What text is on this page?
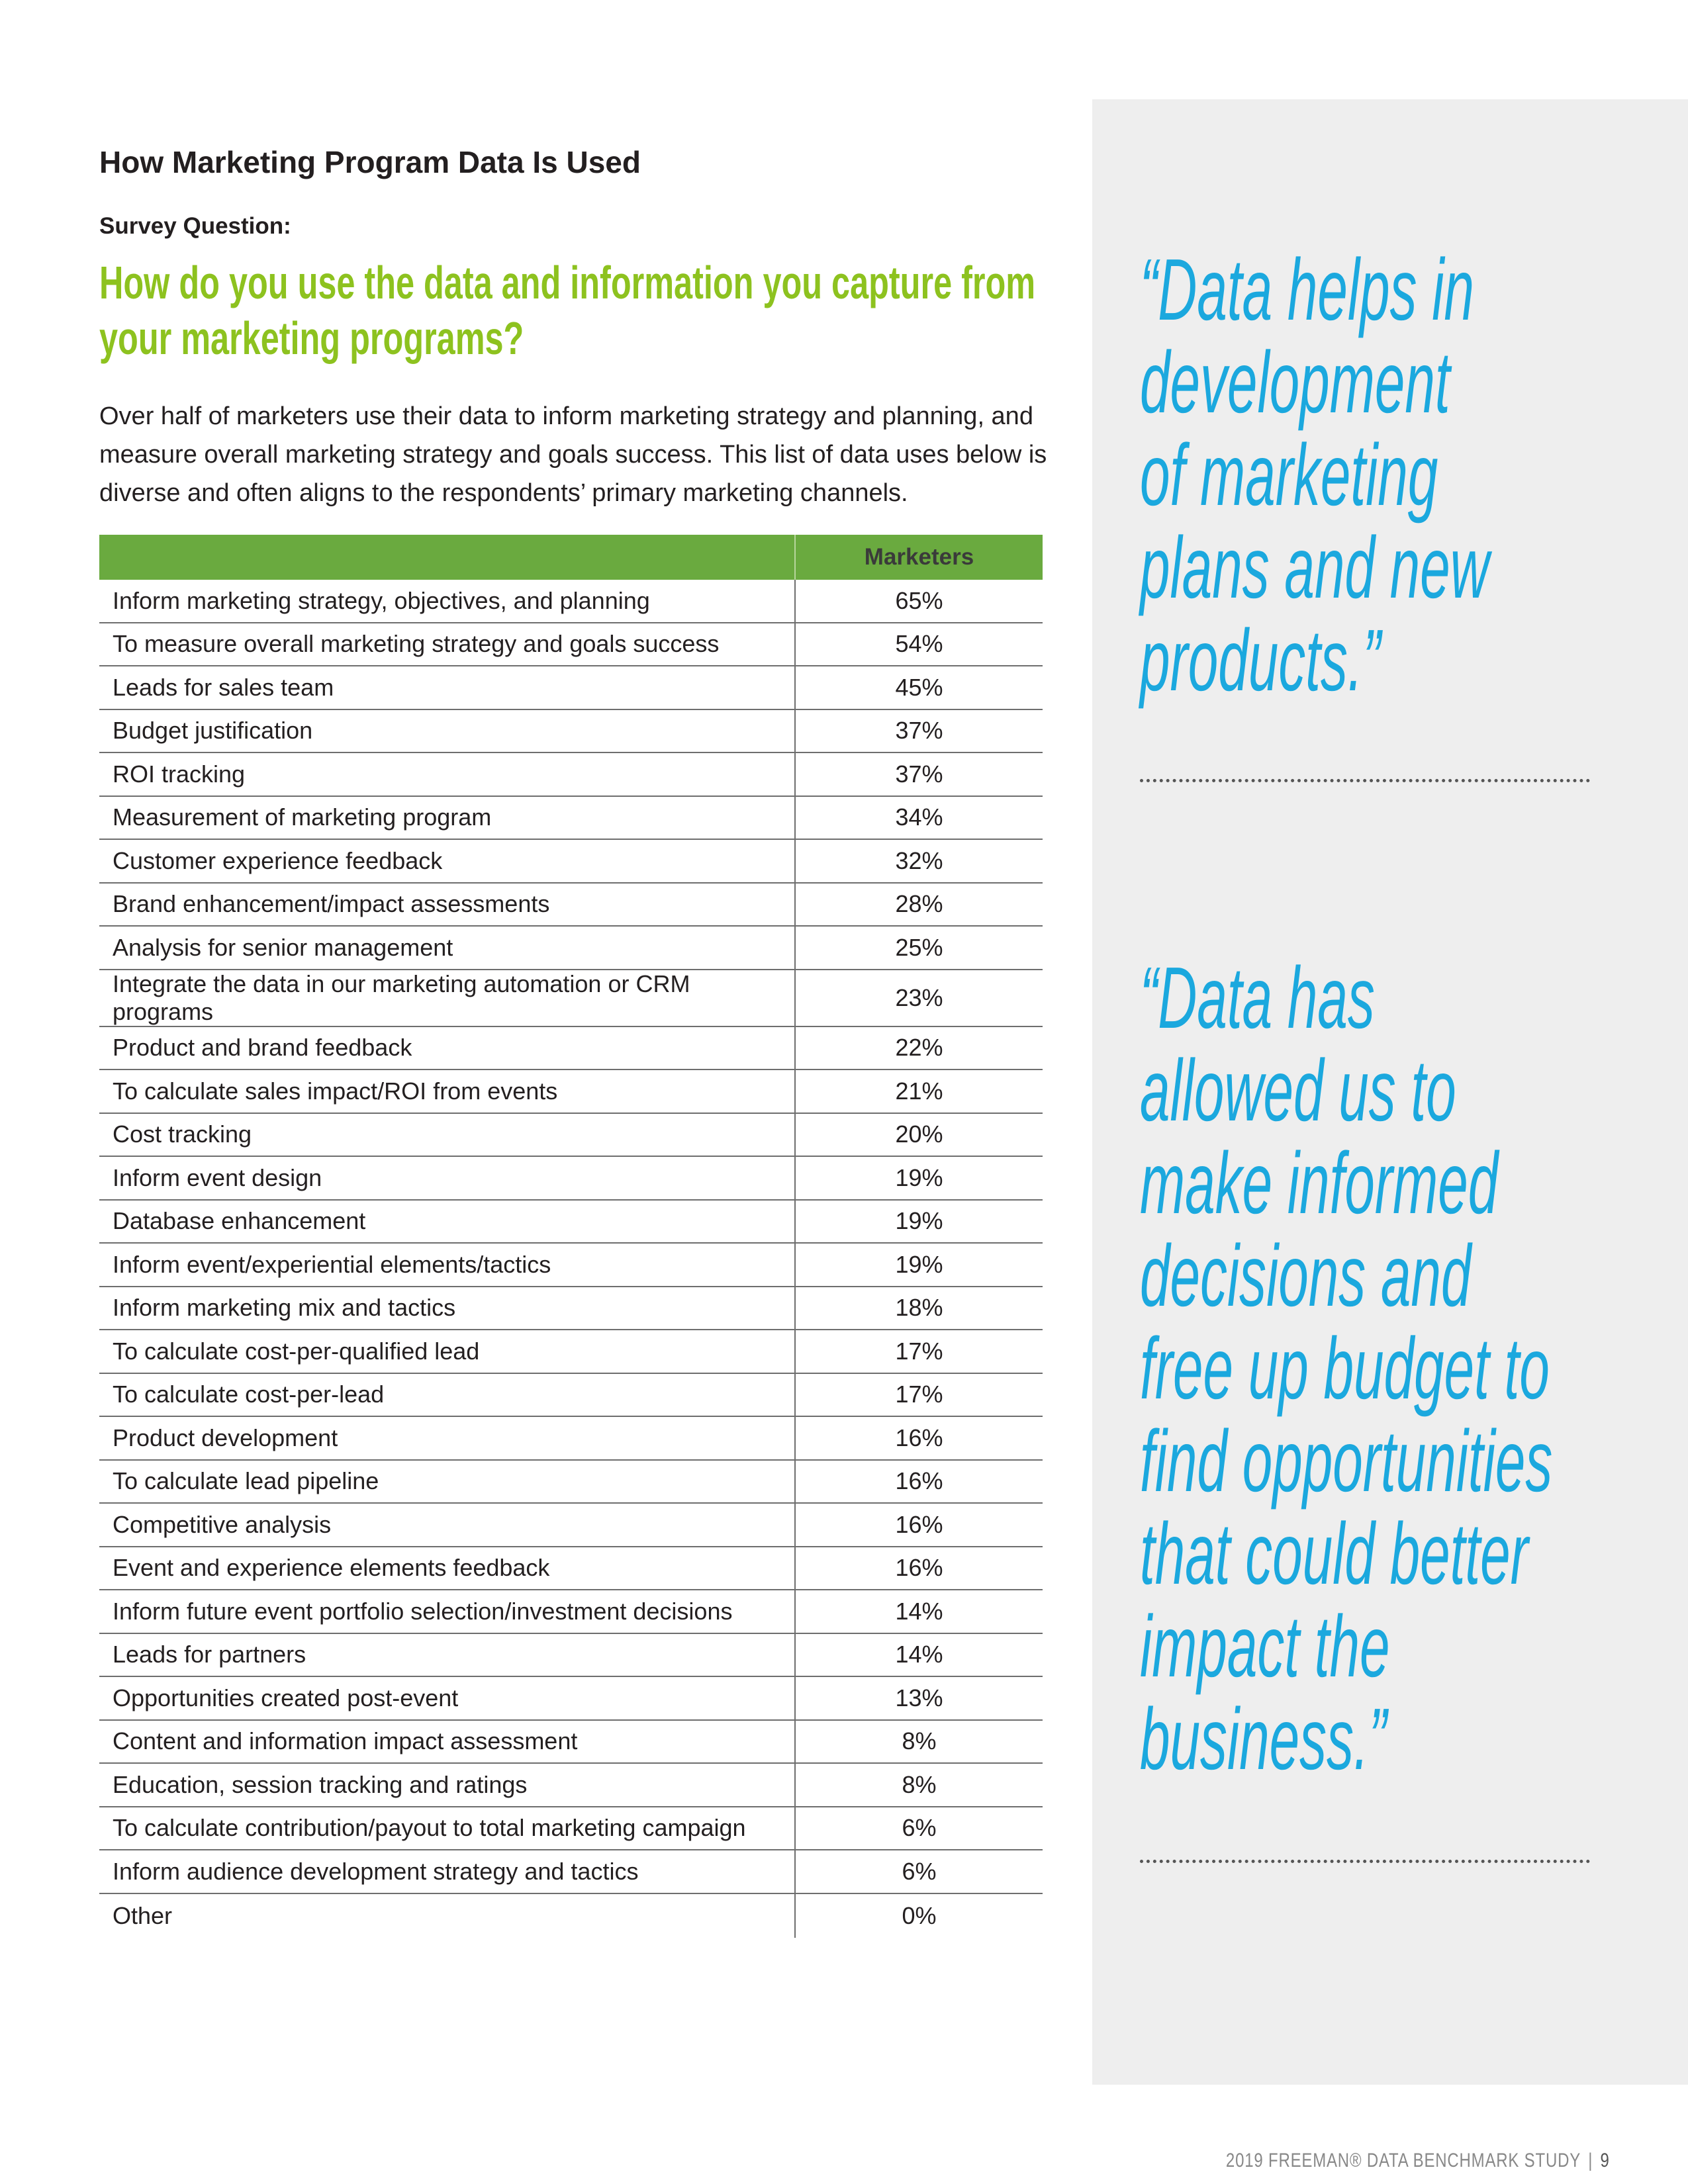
How Marketing Program Data Is Used

Survey Question:

How do you use the data and information you capture from your marketing programs?

Over half of marketers use their data to inform marketing strategy and planning, and measure overall marketing strategy and goals success. This list of data uses below is diverse and often aligns to the respondents’ primary marketing channels.

	Marketers
Inform marketing strategy, objectives, and planning	65%
To measure overall marketing strategy and goals success	54%
Leads for sales team	45%
Budget justification	37%
ROI tracking	37%
Measurement of marketing program	34%
Customer experience feedback	32%
Brand enhancement/impact assessments	28%
Analysis for senior management	25%
Integrate the data in our marketing automation or CRM programs	23%
Product and brand feedback	22%
To calculate sales impact/ROI from events	21%
Cost tracking	20%
Inform event design	19%
Database enhancement	19%
Inform event/experiential elements/tactics	19%
Inform marketing mix and tactics	18%
To calculate cost-per-qualified lead	17%
To calculate cost-per-lead	17%
Product development	16%
To calculate lead pipeline	16%
Competitive analysis	16%
Event and experience elements feedback	16%
Inform future event portfolio selection/investment decisions	14%
Leads for partners	14%
Opportunities created post-event	13%
Content and information impact assessment	8%
Education, session tracking and ratings	8%
To calculate contribution/payout to total marketing campaign	6%
Inform audience development strategy and tactics	6%
Other	0%
“Data helps in
development
of marketing
plans and new
products.”
“Data has
allowed us to
make informed
decisions and
free up budget to
find opportunities
that could better
impact the
business.”

2019 FREEMAN® DATA BENCHMARK STUDY | 9
